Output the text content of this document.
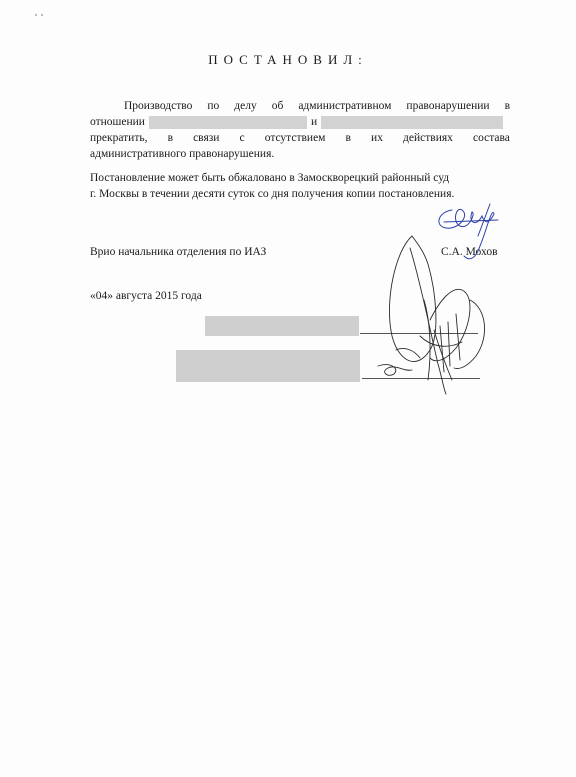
ПОСТАНОВИЛ:
Производство по делу об административном правонарушении в
отношении	и
прекратить, в связи с отсутствием в их действиях состава
административного правонарушения.
Постановление может быть обжаловано в Замоскворецкий районный суд
г. Москвы в течении десяти суток со дня получения копии постановления.
Врио начальника отделения по ИАЗ	С.А. Мохов
«04» августа 2015 года
